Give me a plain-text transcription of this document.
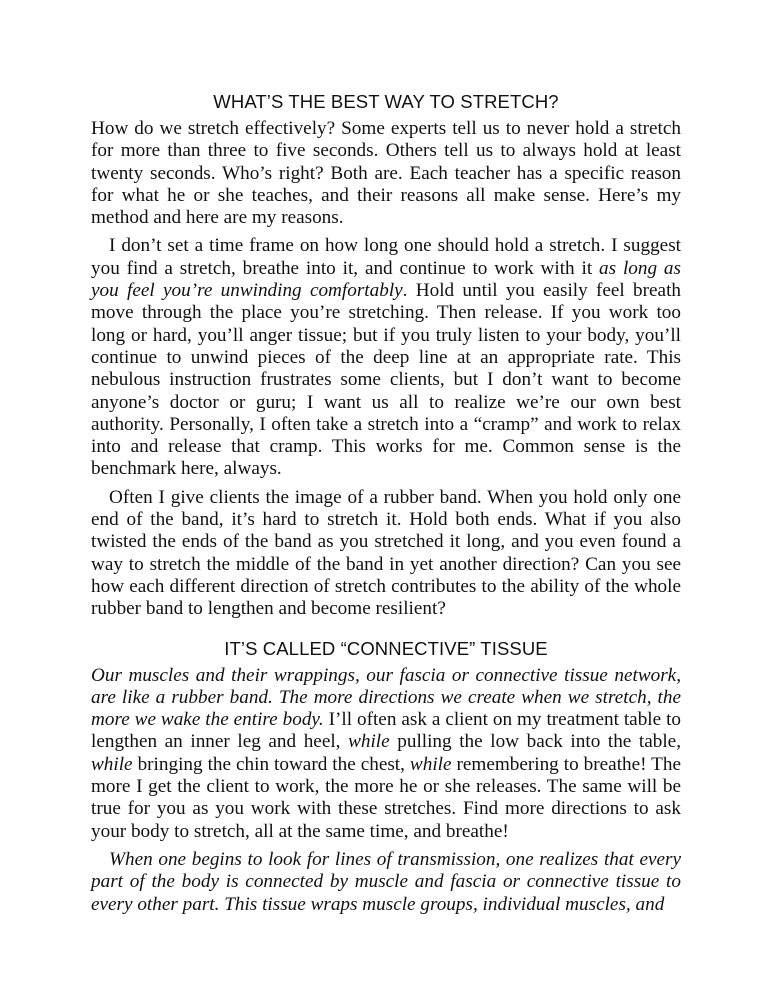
WHAT’S THE BEST WAY TO STRETCH?

How do we stretch effectively? Some experts tell us to never hold a stretch for more than three to five seconds. Others tell us to always hold at least twenty seconds. Who’s right? Both are. Each teacher has a specific reason for what he or she teaches, and their reasons all make sense. Here’s my method and here are my reasons.

I don’t set a time frame on how long one should hold a stretch. I suggest you find a stretch, breathe into it, and continue to work with it as long as you feel you’re unwinding comfortably. Hold until you easily feel breath move through the place you’re stretching. Then release. If you work too long or hard, you’ll anger tissue; but if you truly listen to your body, you’ll continue to unwind pieces of the deep line at an appropriate rate. This nebulous instruction frustrates some clients, but I don’t want to become anyone’s doctor or guru; I want us all to realize we’re our own best authority. Personally, I often take a stretch into a “cramp” and work to relax into and release that cramp. This works for me. Common sense is the benchmark here, always.

Often I give clients the image of a rubber band. When you hold only one end of the band, it’s hard to stretch it. Hold both ends. What if you also twisted the ends of the band as you stretched it long, and you even found a way to stretch the middle of the band in yet another direction? Can you see how each different direction of stretch contributes to the ability of the whole rubber band to lengthen and become resilient?

IT’S CALLED “CONNECTIVE” TISSUE

Our muscles and their wrappings, our fascia or connective tissue network, are like a rubber band. The more directions we create when we stretch, the more we wake the entire body. I’ll often ask a client on my treatment table to lengthen an inner leg and heel, while pulling the low back into the table, while bringing the chin toward the chest, while remembering to breathe! The more I get the client to work, the more he or she releases. The same will be true for you as you work with these stretches. Find more directions to ask your body to stretch, all at the same time, and breathe!

When one begins to look for lines of transmission, one realizes that every part of the body is connected by muscle and fascia or connective tissue to every other part. This tissue wraps muscle groups, individual muscles, and
